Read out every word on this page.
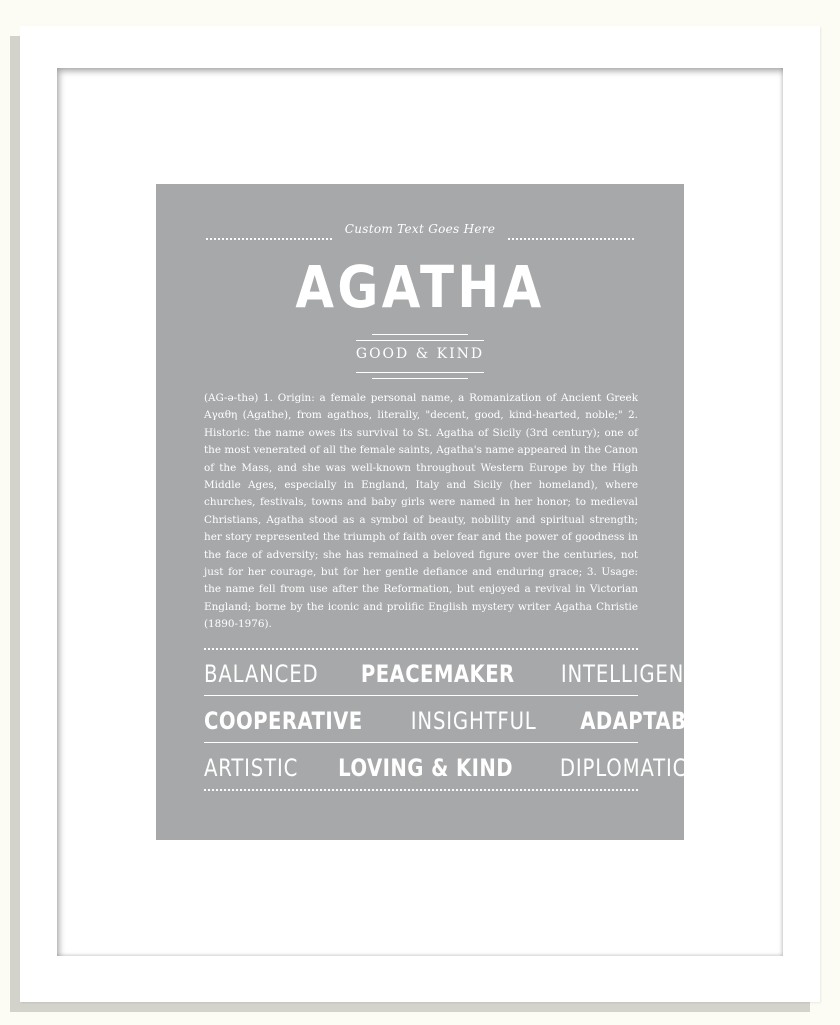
Custom Text Goes Here
AGATHA
GOOD & KIND
(AG-ə-thə) 1. Origin: a female personal name, a Romanization of Ancient Greek Αγαθη (Agathe), from agathos, literally, "decent, good, kind-hearted, noble;" 2. Historic: the name owes its survival to St. Agatha of Sicily (3rd century); one of the most venerated of all the female saints, Agatha's name appeared in the Canon of the Mass, and she was well-known throughout Western Europe by the High Middle Ages, especially in England, Italy and Sicily (her homeland), where churches, festivals, towns and baby girls were named in her honor; to medieval Christians, Agatha stood as a symbol of beauty, nobility and spiritual strength; her story represented the triumph of faith over fear and the power of goodness in the face of adversity; she has remained a beloved figure over the centuries, not just for her courage, but for her gentle defiance and enduring grace; 3. Usage: the name fell from use after the Reformation, but enjoyed a revival in Victorian England; borne by the iconic and prolific English mystery writer Agatha Christie (1890-1976).
BALANCED PEACEMAKER INTELLIGENT
COOPERATIVE INSIGHTFUL ADAPTABLE
ARTISTIC LOVING & KIND DIPLOMATIC
